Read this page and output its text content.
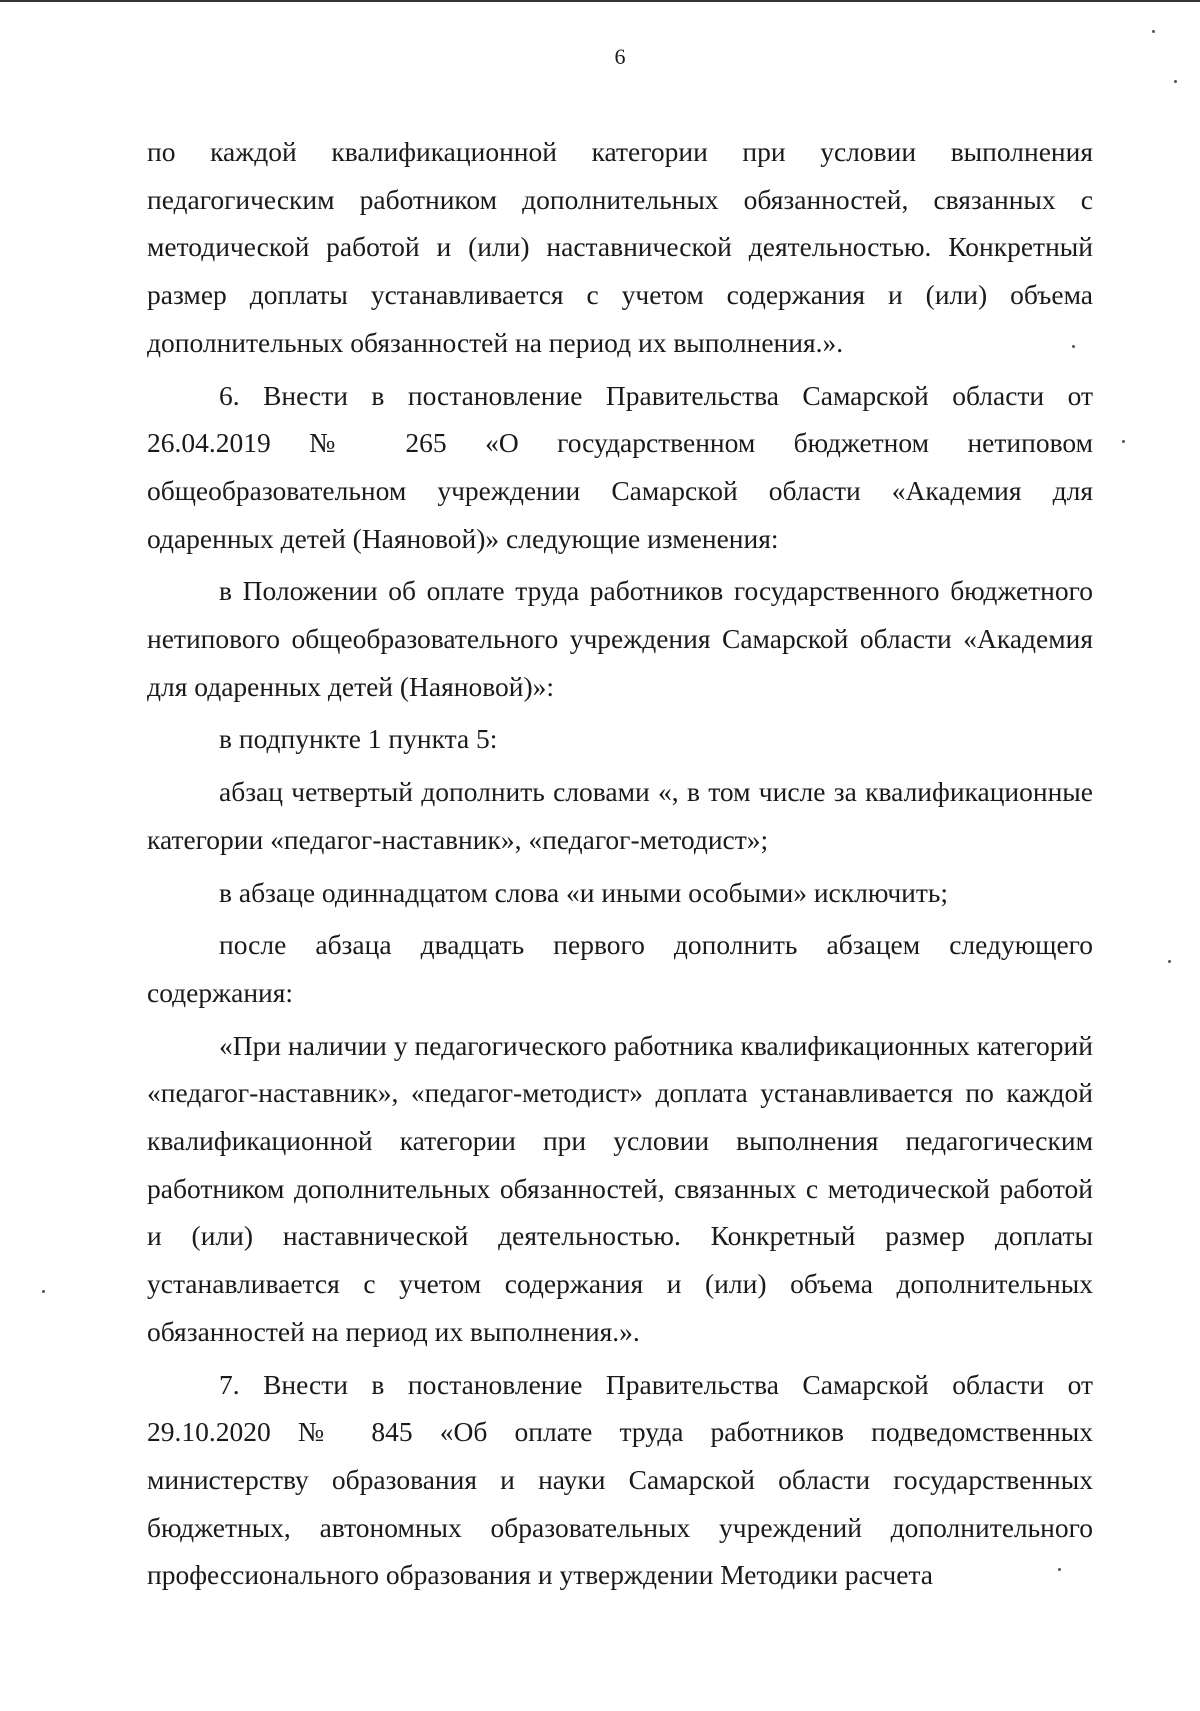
6

по каждой квалификационной категории при условии выполнения педагогическим работником дополнительных обязанностей, связанных с методической работой и (или) наставнической деятельностью. Конкретный размер доплаты устанавливается с учетом содержания и (или) объема дополнительных обязанностей на период их выполнения.».

6. Внести в постановление Правительства Самарской области от 26.04.2019 № 265 «О государственном бюджетном нетиповом общеобразовательном учреждении Самарской области «Академия для одаренных детей (Наяновой)» следующие изменения:

в Положении об оплате труда работников государственного бюджетного нетипового общеобразовательного учреждения Самарской области «Академия для одаренных детей (Наяновой)»:

в подпункте 1 пункта 5:

абзац четвертый дополнить словами «, в том числе за квалификационные категории «педагог-наставник», «педагог-методист»;

в абзаце одиннадцатом слова «и иными особыми» исключить;

после абзаца двадцать первого дополнить абзацем следующего содержания:

«При наличии у педагогического работника квалификационных категорий «педагог-наставник», «педагог-методист» доплата устанавливается по каждой квалификационной категории при условии выполнения педагогическим работником дополнительных обязанностей, связанных с методической работой и (или) наставнической деятельностью. Конкретный размер доплаты устанавливается с учетом содержания и (или) объема дополнительных обязанностей на период их выполнения.».

7. Внести в постановление Правительства Самарской области от 29.10.2020 № 845 «Об оплате труда работников подведомственных министерству образования и науки Самарской области государственных бюджетных, автономных образовательных учреждений дополнительного профессионального образования и утверждении Методики расчета
